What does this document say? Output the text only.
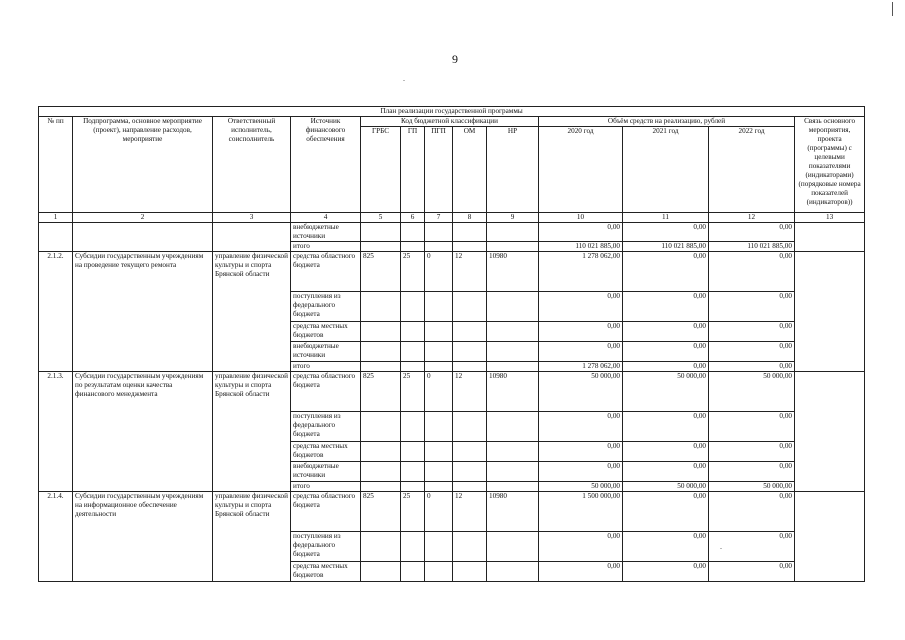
9
План реализации государственной программы												
№ пп	Подпрограмма, основное мероприятие (проект), направление расходов, мероприятие	Ответственный исполнитель, соисполнитель	Источник финансового обеспечения	Код бюджетной классификации					Объём средств на реализацию, рублей			Связь основного мероприятия, проекта (программы) с целевыми показателями (индикаторами) (порядковые номера показателей (индикаторов))
				ГРБС	ГП	ПГП	ОМ	НР	2020 год	2021 год	2022 год	
1	2	3	4	5	6	7	8	9	10	11	12	13
			внебюджетные источники						0,00	0,00	0,00	
			итого						110 021 885,00	110 021 885,00	110 021 885,00	
2.1.2.	Субсидии государственным учреждениям на проведение текущего ремонта	управление физической культуры и спорта Брянской области	средства областного бюджета	825	25	0	12	10980	1 278 062,00	0,00	0,00	
			поступления из федерального бюджета						0,00	0,00	0,00	
			средства местных бюджетов						0,00	0,00	0,00	
			внебюджетные источники						0,00	0,00	0,00	
			итого						1 278 062,00	0,00	0,00	
2.1.3.	Субсидии государственным учреждениям по результатам оценки качества финансового менеджмента	управление физической культуры и спорта Брянской области	средства областного бюджета	825	25	0	12	10980	50 000,00	50 000,00	50 000,00	
			поступления из федерального бюджета						0,00	0,00	0,00	
			средства местных бюджетов						0,00	0,00	0,00	
			внебюджетные источники						0,00	0,00	0,00	
			итого						50 000,00	50 000,00	50 000,00	
2.1.4.	Субсидии государственным учреждениям на информационное обеспечение деятельности	управление физической культуры и спорта Брянской области	средства областного бюджета	825	25	0	12	10980	1 500 000,00	0,00	0,00	
			поступления из федерального бюджета						0,00	0,00	0,00	
			средства местных бюджетов						0,00	0,00	0,00	
